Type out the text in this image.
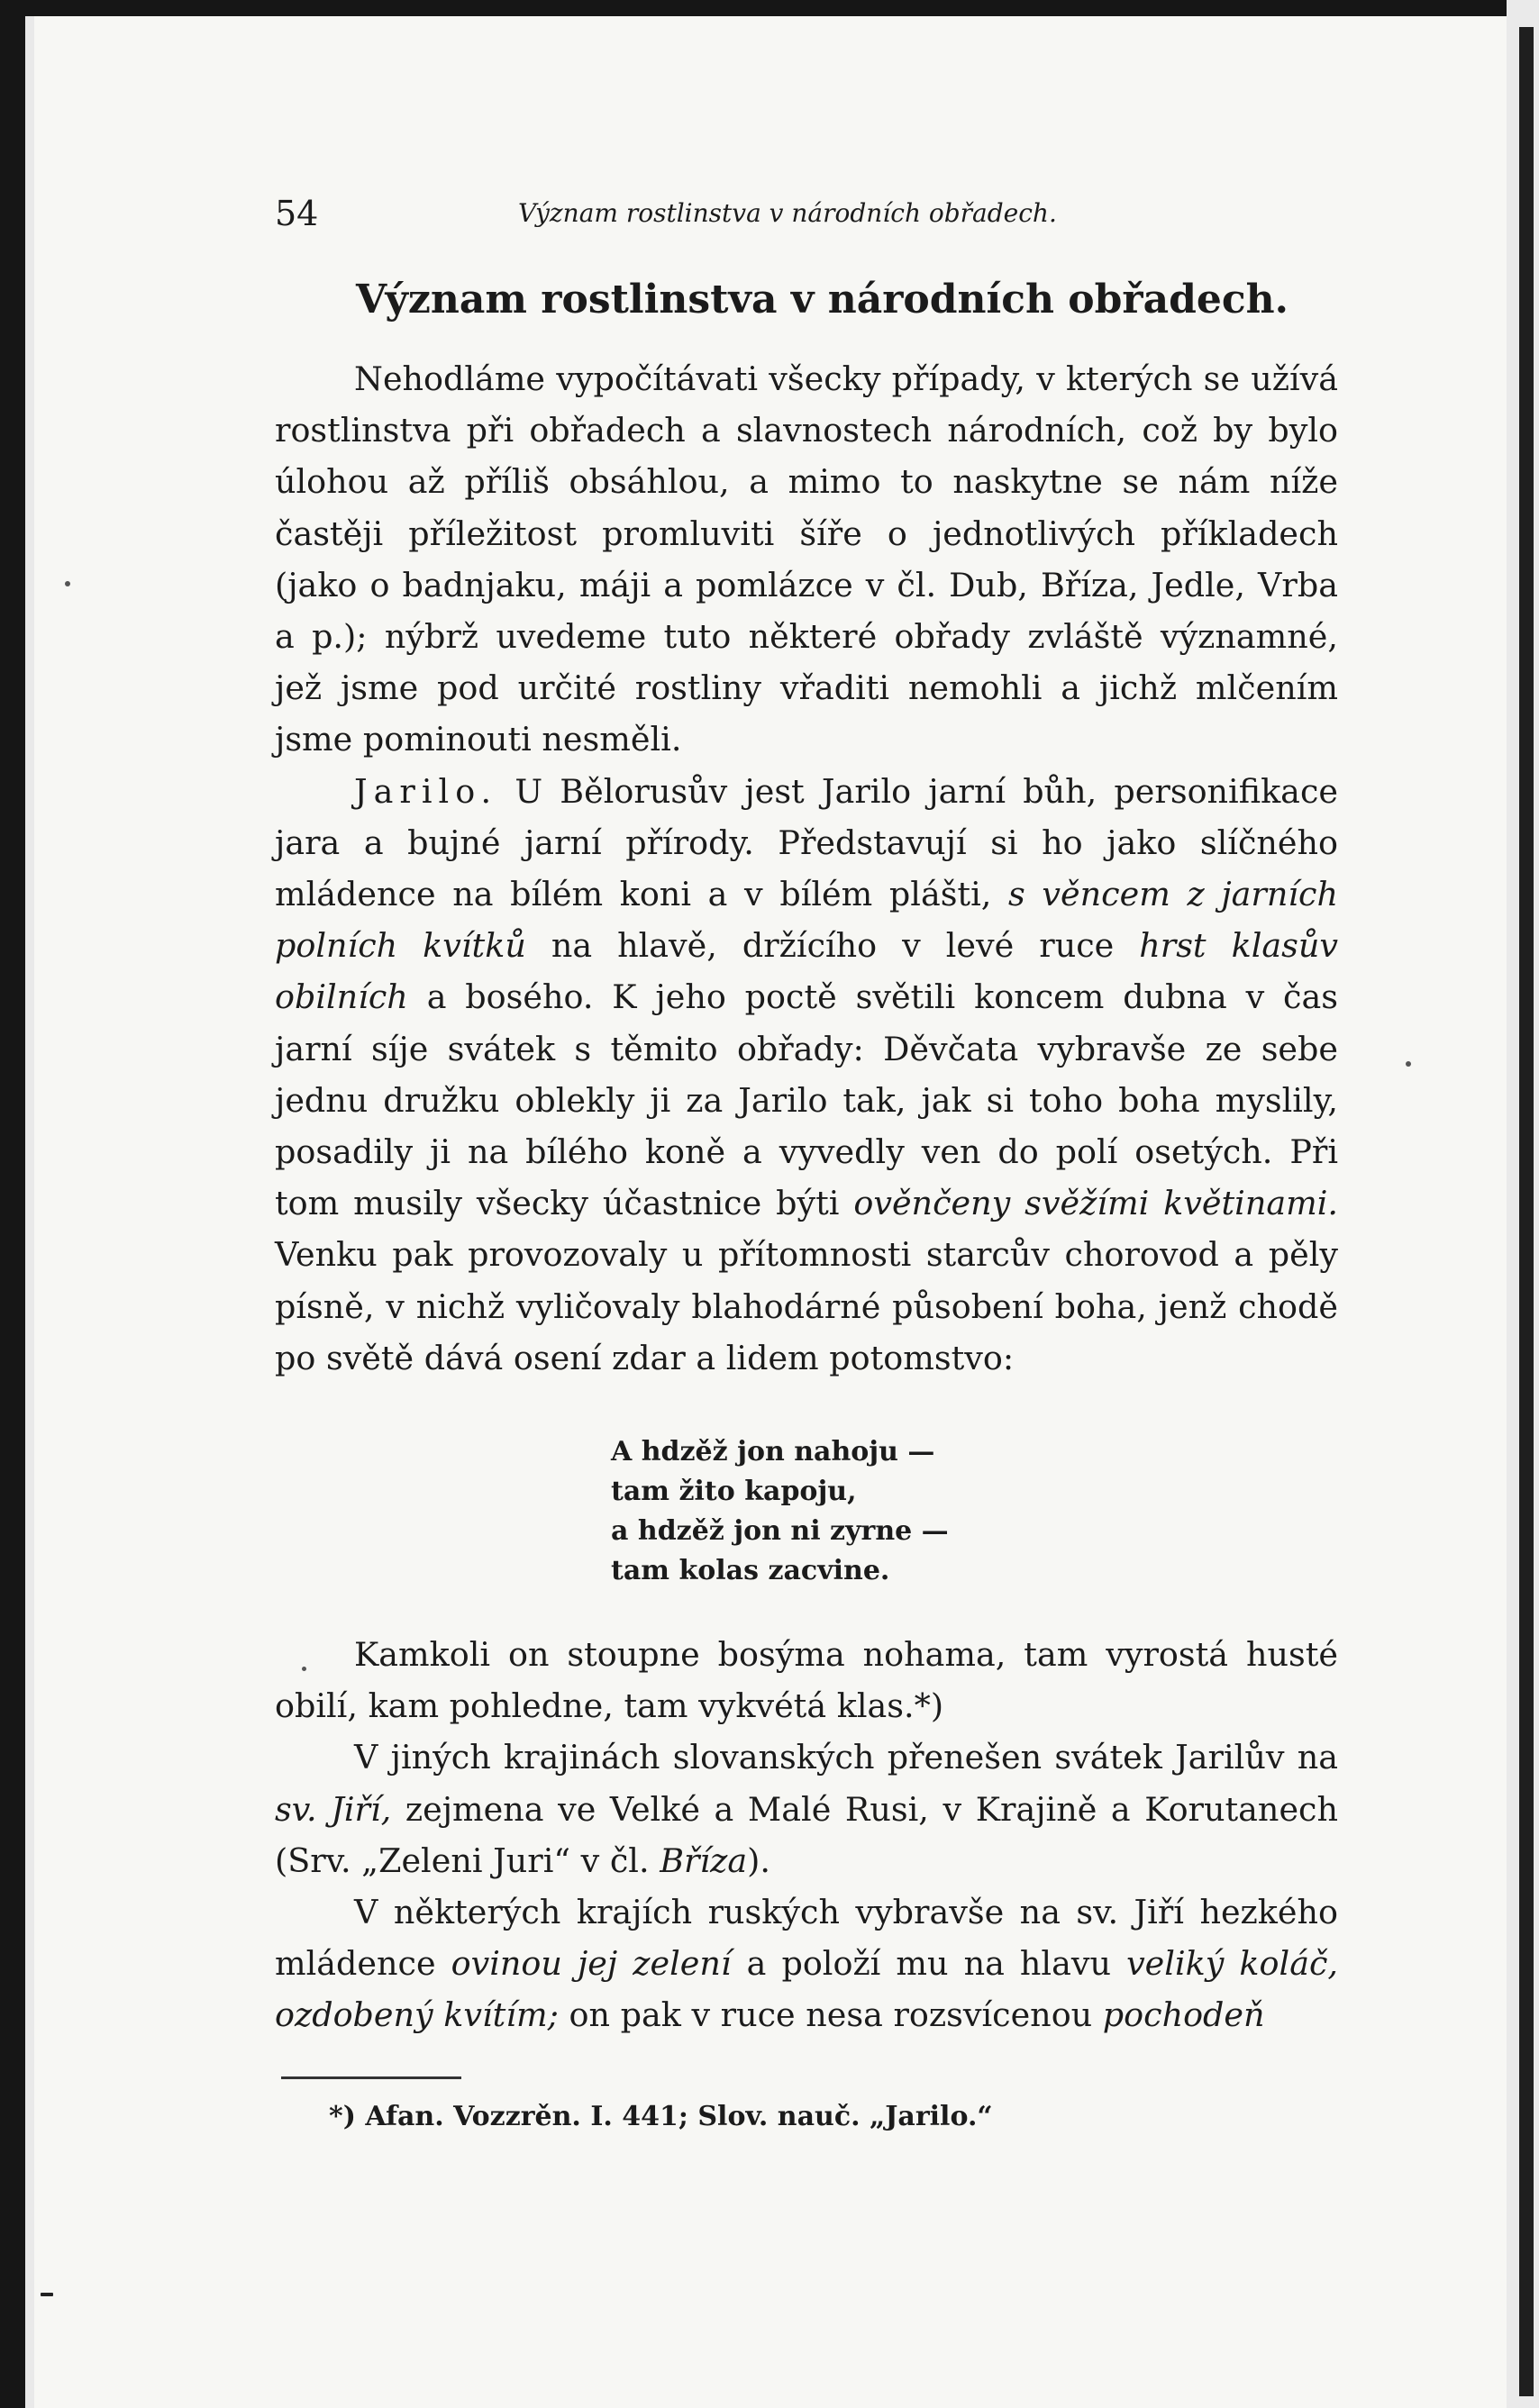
54	Význam rostlinstva v národních obřadech.
Význam rostlinstva v národních obřadech.

Nehodláme vypočítávati všecky případy, v kterých se užívá rostlinstva při obřadech a slavnostech národních, což by bylo úlohou až příliš obsáhlou, a mimo to naskytne se nám níže častěji příležitost promluviti šíře o jednotlivých příkladech (jako o badnjaku, máji a pomlázce v čl. Dub, Bříza, Jedle, Vrba a p.); nýbrž uvedeme tuto některé obřady zvláště významné, jež jsme pod určité rostliny vřaditi nemohli a jichž mlčením jsme pominouti nesměli.

Jarilo. U Bělorusův jest Jarilo jarní bůh, personifikace jara a bujné jarní přírody. Představují si ho jako slíčného mládence na bílém koni a v bílém plášti, s věncem z jarních polních kvítků na hlavě, držícího v levé ruce hrst klasův obilních a bosého. K jeho poctě světili koncem dubna v čas jarní síje svátek s těmito obřady: Děvčata vybravše ze sebe jednu družku oblekly ji za Jarilo tak, jak si toho boha myslily, posadily ji na bílého koně a vyvedly ven do polí osetých. Při tom musily všecky účastnice býti ověnčeny svěžími květinami. Venku pak provozovaly u přítomnosti starcův chorovod a pěly písně, v nichž vyličovaly blahodárné působení boha, jenž chodě po světě dává osení zdar a lidem potomstvo:

A hdzěž jon nahoju —
tam žito kapoju,
a hdzěž jon ni zyrne —
tam kolas zacvine.

Kamkoli on stoupne bosýma nohama, tam vyrostá husté obilí, kam pohledne, tam vykvétá klas.*)

V jiných krajinách slovanských přenešen svátek Jarilův na sv. Jiří, zejmena ve Velké a Malé Rusi, v Krajině a Korutanech (Srv. „Zeleni Juri“ v čl. Bříza).

V některých krajích ruských vybravše na sv. Jiří hezkého mládence ovinou jej zelení a položí mu na hlavu veliký koláč, ozdobený kvítím; on pak v ruce nesa rozsvícenou pochodeň

*) Afan. Vozzrěn. I. 441; Slov. nauč. „Jarilo.“
